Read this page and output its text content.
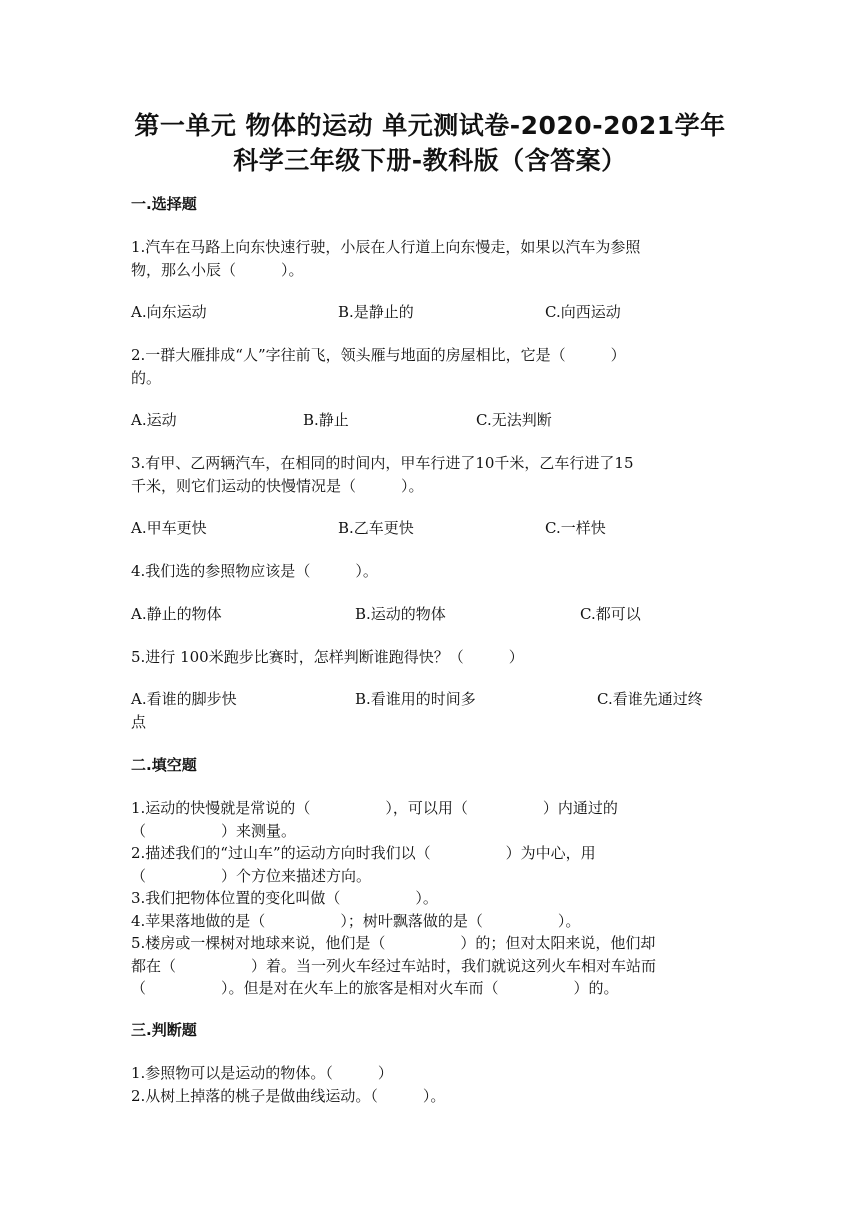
第一单元 物体的运动 单元测试卷-2020-2021学年
科学三年级下册-教科版（含答案）
一.选择题
1.汽车在马路上向东快速行驶，小辰在人行道上向东慢走，如果以汽车为参照
物，那么小辰（　　　）。
A.向东运动	B.是静止的	C.向西运动
2.一群大雁排成“人”字往前飞，领头雁与地面的房屋相比，它是（　　　）
的。
A.运动	B.静止	C.无法判断
3.有甲、乙两辆汽车，在相同的时间内，甲车行进了10千米，乙车行进了15
千米，则它们运动的快慢情况是（　　　）。
A.甲车更快	B.乙车更快	C.一样快
4.我们选的参照物应该是（　　　）。
A.静止的物体	B.运动的物体	C.都可以
5.进行 100米跑步比赛时，怎样判断谁跑得快？（　　　）
A.看谁的脚步快	B.看谁用的时间多	C.看谁先通过终
点
二.填空题
1.运动的快慢就是常说的（　　　　　），可以用（　　　　　）内通过的
（　　　　　）来测量。
2.描述我们的“过山车”的运动方向时我们以（　　　　　）为中心，用
（　　　　　）个方位来描述方向。
3.我们把物体位置的变化叫做（　　　　　）。
4.苹果落地做的是（　　　　　）；树叶飘落做的是（　　　　　）。
5.楼房或一棵树对地球来说，他们是（　　　　　）的；但对太阳来说，他们却
都在（　　　　　）着。当一列火车经过车站时，我们就说这列火车相对车站而
（　　　　　）。但是对在火车上的旅客是相对火车而（　　　　　）的。
三.判断题
1.参照物可以是运动的物体。（　　　）
2.从树上掉落的桃子是做曲线运动。（　　　）。
